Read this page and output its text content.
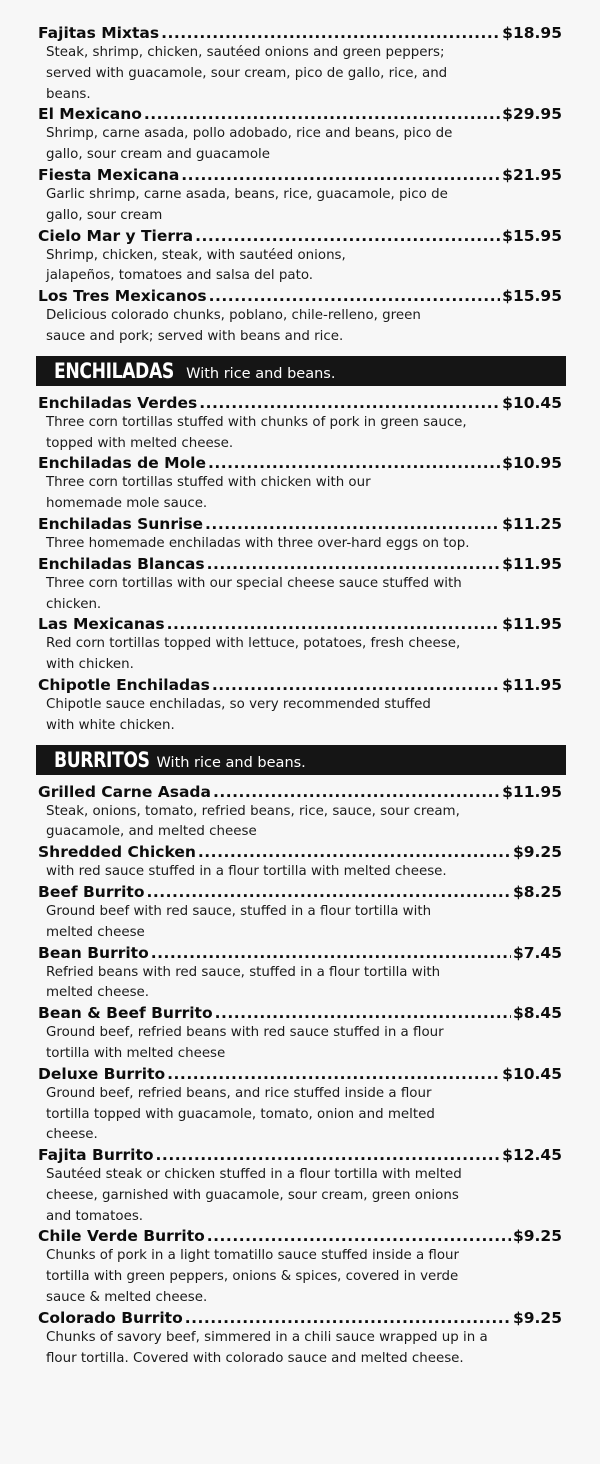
Fajitas Mixtas .....	$18.95
Steak, shrimp, chicken, sautéed onions and green peppers;
served with guacamole, sour cream, pico de gallo, rice, and
beans.
El Mexicano .....	$29.95
Shrimp, carne asada, pollo adobado, rice and beans, pico de
gallo, sour cream and guacamole
Fiesta Mexicana .....	$21.95
Garlic shrimp, carne asada, beans, rice, guacamole, pico de
gallo, sour cream
Cielo Mar y Tierra .....	$15.95
Shrimp, chicken, steak, with sautéed onions,
jalapeños, tomatoes and salsa del pato.
Los Tres Mexicanos .....	$15.95
Delicious colorado chunks, poblano, chile-relleno, green
sauce and pork; served with beans and rice.
ENCHILADAS With rice and beans.
Enchiladas Verdes .....	$10.45
Three corn tortillas stuffed with chunks of pork in green sauce,
topped with melted cheese.
Enchiladas de Mole .....	$10.95
Three corn tortillas stuffed with chicken with our
homemade mole sauce.
Enchiladas Sunrise .....	$11.25
Three homemade enchiladas with three over-hard eggs on top.
Enchiladas Blancas .....	$11.95
Three corn tortillas with our special cheese sauce stuffed with
chicken.
Las Mexicanas .....	$11.95
Red corn tortillas topped with lettuce, potatoes, fresh cheese,
with chicken.
Chipotle Enchiladas .....	$11.95
Chipotle sauce enchiladas, so very recommended stuffed
with white chicken.
BURRITOS With rice and beans.
Grilled Carne Asada .....	$11.95
Steak, onions, tomato, refried beans, rice, sauce, sour cream,
guacamole, and melted cheese
Shredded Chicken .....	$9.25
with red sauce stuffed in a flour tortilla with melted cheese.
Beef Burrito .....	$8.25
Ground beef with red sauce, stuffed in a flour tortilla with
melted cheese
Bean Burrito .....	$7.45
Refried beans with red sauce, stuffed in a flour tortilla with
melted cheese.
Bean & Beef Burrito .....	$8.45
Ground beef, refried beans with red sauce stuffed in a flour
tortilla with melted cheese
Deluxe Burrito .....	$10.45
Ground beef, refried beans, and rice stuffed inside a flour
tortilla topped with guacamole, tomato, onion and melted
cheese.
Fajita Burrito .....	$12.45
Sautéed steak or chicken stuffed in a flour tortilla with melted
cheese, garnished with guacamole, sour cream, green onions
and tomatoes.
Chile Verde Burrito .....	$9.25
Chunks of pork in a light tomatillo sauce stuffed inside a flour
tortilla with green peppers, onions & spices, covered in verde
sauce & melted cheese.
Colorado Burrito .....	$9.25
Chunks of savory beef, simmered in a chili sauce wrapped up in a
flour tortilla. Covered with colorado sauce and melted cheese.
